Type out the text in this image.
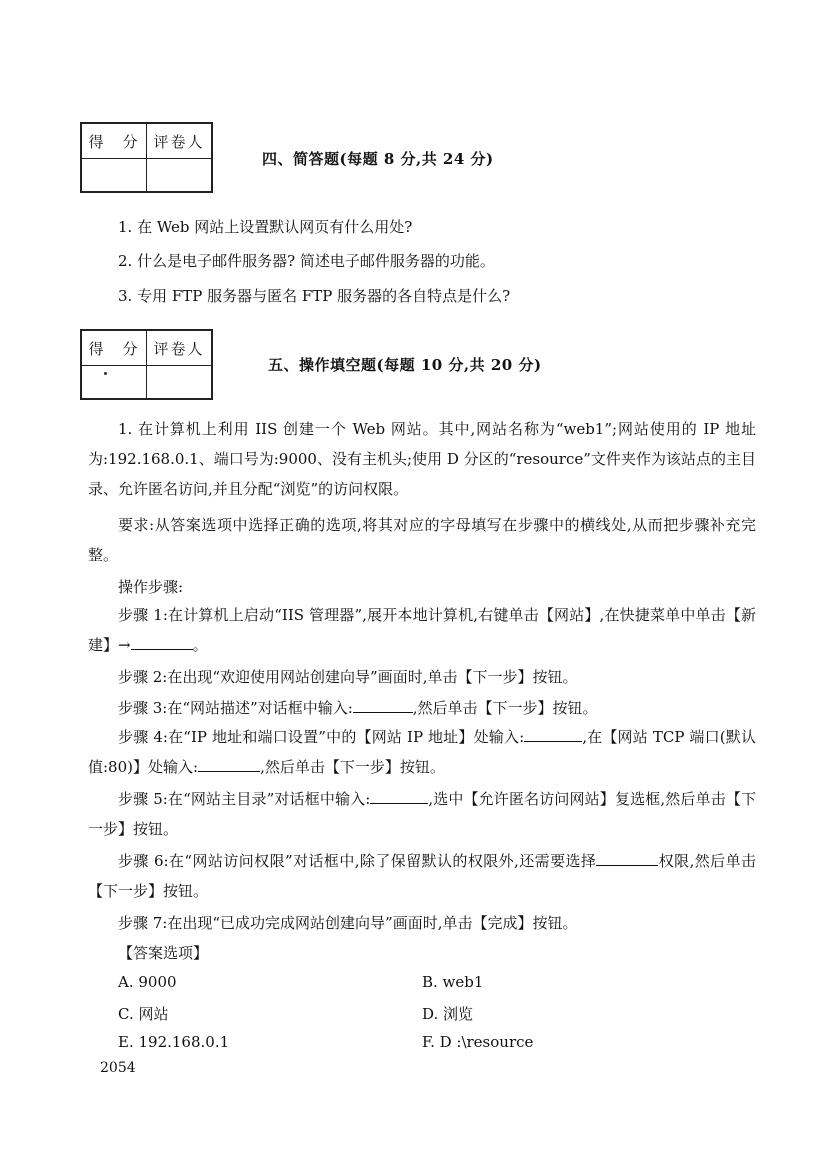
得　分	评卷人

四、简答题(每题 8 分,共 24 分)
1. 在 Web 网站上设置默认网页有什么用处?
2. 什么是电子邮件服务器? 简述电子邮件服务器的功能。
3. 专用 FTP 服务器与匿名 FTP 服务器的各自特点是什么?
得　分	评卷人

五、操作填空题(每题 10 分,共 20 分)
1. 在计算机上利用 IIS 创建一个 Web 网站。其中,网站名称为“web1”;网站使用的 IP 地址为:192.168.0.1、端口号为:9000、没有主机头;使用 D 分区的“resource”文件夹作为该站点的主目录、允许匿名访问,并且分配“浏览”的访问权限。
要求:从答案选项中选择正确的选项,将其对应的字母填写在步骤中的横线处,从而把步骤补充完整。
操作步骤:
步骤 1:在计算机上启动“IIS 管理器”,展开本地计算机,右键单击【网站】,在快捷菜单中单击【新建】→	。
步骤 2:在出现“欢迎使用网站创建向导”画面时,单击【下一步】按钮。
步骤 3:在“网站描述”对话框中输入:	,然后单击【下一步】按钮。
步骤 4:在“IP 地址和端口设置”中的【网站 IP 地址】处输入:	,在【网站 TCP 端口(默认值:80)】处输入:	,然后单击【下一步】按钮。
步骤 5:在“网站主目录”对话框中输入:	,选中【允许匿名访问网站】复选框,然后单击【下一步】按钮。
步骤 6:在“网站访问权限”对话框中,除了保留默认的权限外,还需要选择	权限,然后单击【下一步】按钮。
步骤 7:在出现“已成功完成网站创建向导”画面时,单击【完成】按钮。
【答案选项】
A. 9000	B. web1
C. 网站	D. 浏览
E. 192.168.0.1	F. D :\resource
2054
